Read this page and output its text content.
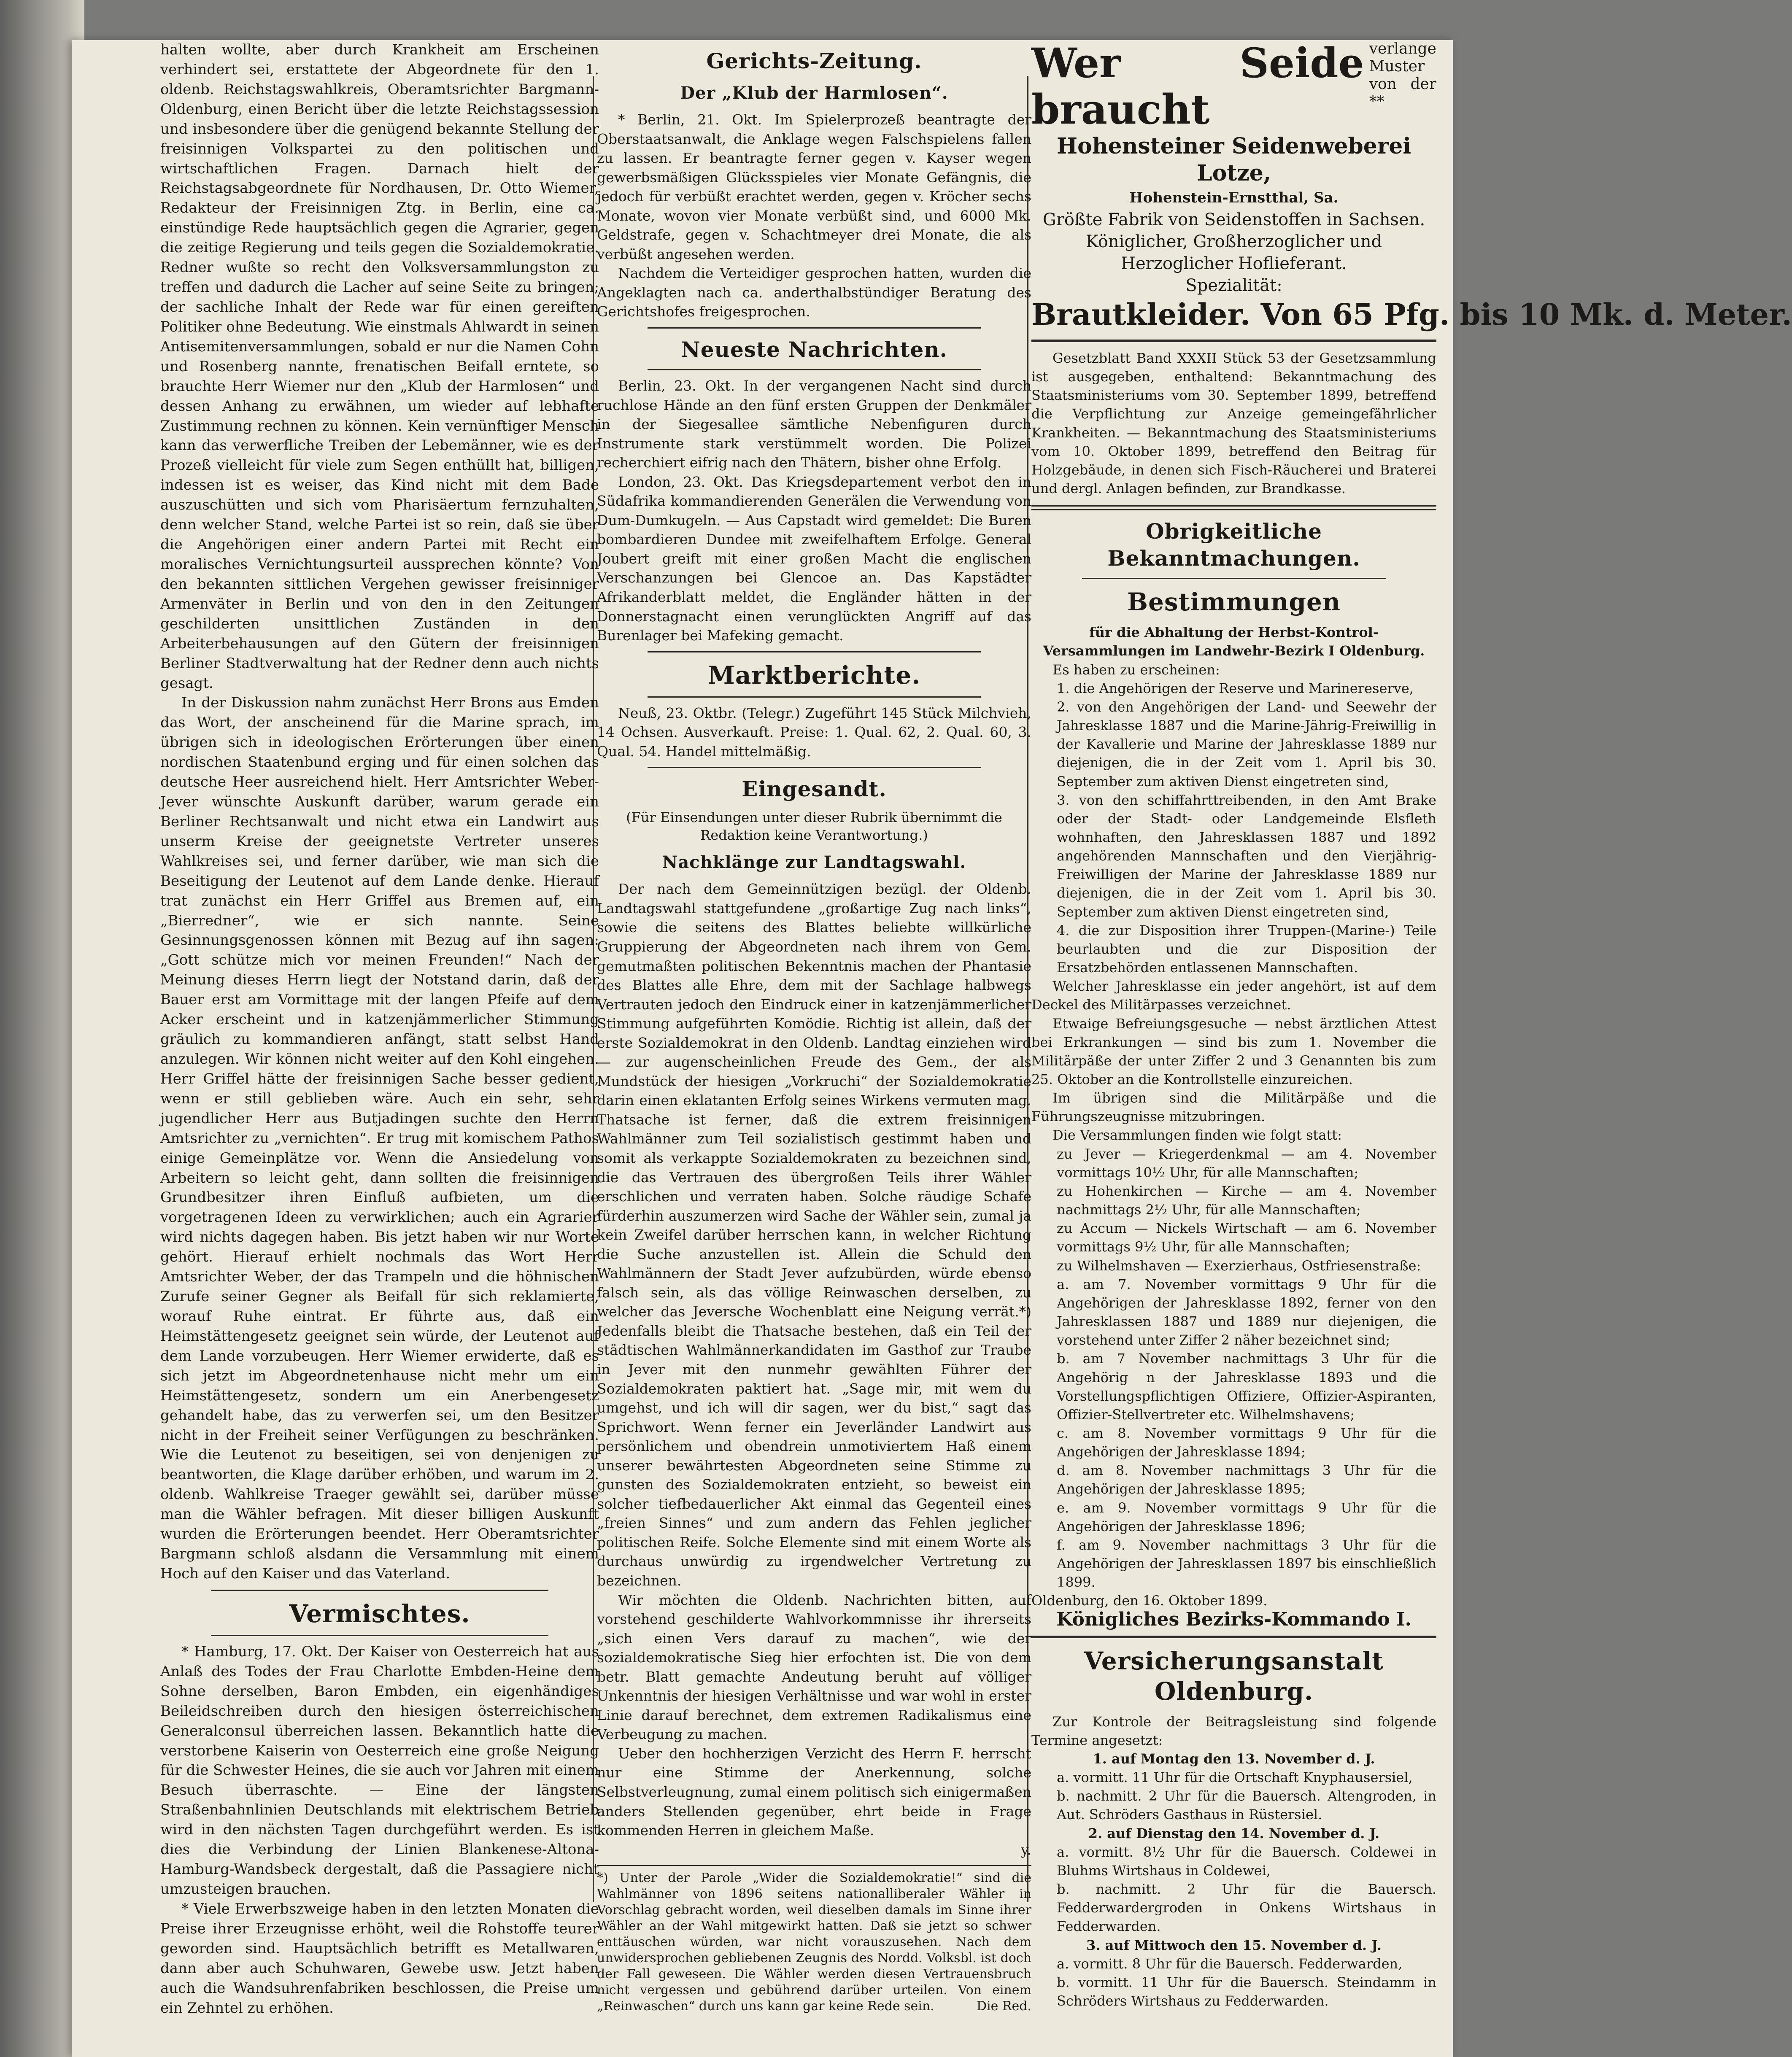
halten wollte, aber durch Krankheit am Erscheinen verhindert sei, erstattete der Abgeordnete für den 1. oldenb. Reichstagswahlkreis, Oberamtsrichter Bargmann-Oldenburg, einen Bericht über die letzte Reichstagssession und insbesondere über die genügend bekannte Stellung der freisinnigen Volkspartei zu den politischen und wirtschaftlichen Fragen. Darnach hielt der Reichstagsabgeordnete für Nordhausen, Dr. Otto Wiemer, Redakteur der Freisinnigen Ztg. in Berlin, eine ca. einstündige Rede hauptsächlich gegen die Agrarier, gegen die zeitige Regierung und teils gegen die Sozialdemokratie. Redner wußte so recht den Volksversammlungston zu treffen und dadurch die Lacher auf seine Seite zu bringen; der sachliche Inhalt der Rede war für einen gereiften Politiker ohne Bedeutung. Wie einstmals Ahlwardt in seinen Antisemitenversammlungen, sobald er nur die Namen Cohn und Rosenberg nannte, frenatischen Beifall erntete, so brauchte Herr Wiemer nur den „Klub der Harmlosen“ und dessen Anhang zu erwähnen, um wieder auf lebhafte Zustimmung rechnen zu können. Kein vernünftiger Mensch kann das verwerfliche Treiben der Lebemänner, wie es der Prozeß vielleicht für viele zum Segen enthüllt hat, billigen, indessen ist es weiser, das Kind nicht mit dem Bade auszuschütten und sich vom Pharisäertum fernzuhalten, denn welcher Stand, welche Partei ist so rein, daß sie über die Angehörigen einer andern Partei mit Recht ein moralisches Vernichtungsurteil aussprechen könnte? Von den bekannten sittlichen Vergehen gewisser freisinniger Armenväter in Berlin und von den in den Zeitungen geschilderten unsittlichen Zuständen in den Arbeiterbehausungen auf den Gütern der freisinnigen Berliner Stadtverwaltung hat der Redner denn auch nichts gesagt.

In der Diskussion nahm zunächst Herr Brons aus Emden das Wort, der anscheinend für die Marine sprach, im übrigen sich in ideologischen Erörterungen über einen nordischen Staatenbund erging und für einen solchen das deutsche Heer ausreichend hielt. Herr Amtsrichter Weber-Jever wünschte Auskunft darüber, warum gerade ein Berliner Rechtsanwalt und nicht etwa ein Landwirt aus unserm Kreise der geeignetste Vertreter unseres Wahlkreises sei, und ferner darüber, wie man sich die Beseitigung der Leutenot auf dem Lande denke. Hierauf trat zunächst ein Herr Griffel aus Bremen auf, ein „Bierredner“, wie er sich nannte. Seine Gesinnungsgenossen können mit Bezug auf ihn sagen: „Gott schütze mich vor meinen Freunden!“ Nach der Meinung dieses Herrn liegt der Notstand darin, daß der Bauer erst am Vormittage mit der langen Pfeife auf dem Acker erscheint und in katzenjämmerlicher Stimmung gräulich zu kommandieren anfängt, statt selbst Hand anzulegen. Wir können nicht weiter auf den Kohl eingehen. Herr Griffel hätte der freisinnigen Sache besser gedient, wenn er still geblieben wäre. Auch ein sehr, sehr jugendlicher Herr aus Butjadingen suchte den Herrn Amtsrichter zu „vernichten“. Er trug mit komischem Pathos einige Gemeinplätze vor. Wenn die Ansiedelung von Arbeitern so leicht geht, dann sollten die freisinnigen Grundbesitzer ihren Einfluß aufbieten, um die vorgetragenen Ideen zu verwirklichen; auch ein Agrarier wird nichts dagegen haben. Bis jetzt haben wir nur Worte gehört. Hierauf erhielt nochmals das Wort Herr Amtsrichter Weber, der das Trampeln und die höhnischen Zurufe seiner Gegner als Beifall für sich reklamierte, worauf Ruhe eintrat. Er führte aus, daß ein Heimstättengesetz geeignet sein würde, der Leutenot auf dem Lande vorzubeugen. Herr Wiemer erwiderte, daß es sich jetzt im Abgeordnetenhause nicht mehr um ein Heimstättengesetz, sondern um ein Anerbengesetz gehandelt habe, das zu verwerfen sei, um den Besitzer nicht in der Freiheit seiner Verfügungen zu beschränken. Wie die Leutenot zu beseitigen, sei von denjenigen zu beantworten, die Klage darüber erhöben, und warum im 2. oldenb. Wahlkreise Traeger gewählt sei, darüber müsse man die Wähler befragen. Mit dieser billigen Auskunft wurden die Erörterungen beendet. Herr Oberamtsrichter Bargmann schloß alsdann die Versammlung mit einem Hoch auf den Kaiser und das Vaterland.

Vermischtes.

* Hamburg, 17. Okt. Der Kaiser von Oesterreich hat aus Anlaß des Todes der Frau Charlotte Embden-Heine dem Sohne derselben, Baron Embden, ein eigenhändiges Beileidschreiben durch den hiesigen österreichischen Generalconsul überreichen lassen. Bekanntlich hatte die verstorbene Kaiserin von Oesterreich eine große Neigung für die Schwester Heines, die sie auch vor Jahren mit einem Besuch überraschte. — Eine der längsten Straßenbahnlinien Deutschlands mit elektrischem Betrieb wird in den nächsten Tagen durchgeführt werden. Es ist dies die Verbindung der Linien Blankenese-Altona-Hamburg-Wandsbeck dergestalt, daß die Passagiere nicht umzusteigen brauchen.

* Viele Erwerbszweige haben in den letzten Monaten die Preise ihrer Erzeugnisse erhöht, weil die Rohstoffe teurer geworden sind. Hauptsächlich betrifft es Metallwaren, dann aber auch Schuhwaren, Gewebe usw. Jetzt haben auch die Wandsuhrenfabriken beschlossen, die Preise um ein Zehntel zu erhöhen.

Gerichts-Zeitung.
Der „Klub der Harmlosen“.

* Berlin, 21. Okt. Im Spielerprozeß beantragte der Oberstaatsanwalt, die Anklage wegen Falschspielens fallen zu lassen. Er beantragte ferner gegen v. Kayser wegen gewerbsmäßigen Glücksspieles vier Monate Gefängnis, die jedoch für verbüßt erachtet werden, gegen v. Kröcher sechs Monate, wovon vier Monate verbüßt sind, und 6000 Mk. Geldstrafe, gegen v. Schachtmeyer drei Monate, die als verbüßt angesehen werden.

Nachdem die Verteidiger gesprochen hatten, wurden die Angeklagten nach ca. anderthalbstündiger Beratung des Gerichtshofes freigesprochen.

Neueste Nachrichten.

Berlin, 23. Okt. In der vergangenen Nacht sind durch ruchlose Hände an den fünf ersten Gruppen der Denkmäler in der Siegesallee sämtliche Nebenfiguren durch Instrumente stark verstümmelt worden. Die Polizei recherchiert eifrig nach den Thätern, bisher ohne Erfolg.

London, 23. Okt. Das Kriegsdepartement verbot den in Südafrika kommandierenden Generälen die Verwendung von Dum-Dumkugeln. — Aus Capstadt wird gemeldet: Die Buren bombardieren Dundee mit zweifelhaftem Erfolge. General Joubert greift mit einer großen Macht die englischen Verschanzungen bei Glencoe an. Das Kapstädter Afrikanderblatt meldet, die Engländer hätten in der Donnerstagnacht einen verunglückten Angriff auf das Burenlager bei Mafeking gemacht.

Marktberichte.

Neuß, 23. Oktbr. (Telegr.) Zugeführt 145 Stück Milchvieh, 14 Ochsen. Ausverkauft. Preise: 1. Qual. 62, 2. Qual. 60, 3. Qual. 54. Handel mittelmäßig.

Eingesandt.
(Für Einsendungen unter dieser Rubrik übernimmt die Redaktion keine Verantwortung.)
Nachklänge zur Landtagswahl.

Der nach dem Gemeinnützigen bezügl. der Oldenb. Landtagswahl stattgefundene „großartige Zug nach links“, sowie die seitens des Blattes beliebte willkürliche Gruppierung der Abgeordneten nach ihrem von Gem. gemutmaßten politischen Bekenntnis machen der Phantasie des Blattes alle Ehre, dem mit der Sachlage halbwegs Vertrauten jedoch den Eindruck einer in katzenjämmerlicher Stimmung aufgeführten Komödie. Richtig ist allein, daß der erste Sozialdemokrat in den Oldenb. Landtag einziehen wird — zur augenscheinlichen Freude des Gem., der als Mundstück der hiesigen „Vorkruchi“ der Sozialdemokratie darin einen eklatanten Erfolg seines Wirkens vermuten mag. Thatsache ist ferner, daß die extrem freisinnigen Wahlmänner zum Teil sozialistisch gestimmt haben und somit als verkappte Sozialdemokraten zu bezeichnen sind, die das Vertrauen des übergroßen Teils ihrer Wähler erschlichen und verraten haben. Solche räudige Schafe fürderhin auszumerzen wird Sache der Wähler sein, zumal ja kein Zweifel darüber herrschen kann, in welcher Richtung die Suche anzustellen ist. Allein die Schuld den Wahlmännern der Stadt Jever aufzubürden, würde ebenso falsch sein, als das völlige Reinwaschen derselben, zu welcher das Jeversche Wochenblatt eine Neigung verrät.*) Jedenfalls bleibt die Thatsache bestehen, daß ein Teil der städtischen Wahlmännerkandidaten im Gasthof zur Traube in Jever mit den nunmehr gewählten Führer der Sozialdemokraten paktiert hat. „Sage mir, mit wem du umgehst, und ich will dir sagen, wer du bist,“ sagt das Sprichwort. Wenn ferner ein Jeverländer Landwirt aus persönlichem und obendrein unmotiviertem Haß einem unserer bewährtesten Abgeordneten seine Stimme zu gunsten des Sozialdemokraten entzieht, so beweist ein solcher tiefbedauerlicher Akt einmal das Gegenteil eines „freien Sinnes“ und zum andern das Fehlen jeglicher politischen Reife. Solche Elemente sind mit einem Worte als durchaus unwürdig zu irgendwelcher Vertretung zu bezeichnen.

Wir möchten die Oldenb. Nachrichten bitten, auf vorstehend geschilderte Wahlvorkommnisse ihr ihrerseits „sich einen Vers darauf zu machen“, wie der sozialdemokratische Sieg hier erfochten ist. Die von dem betr. Blatt gemachte Andeutung beruht auf völliger Unkenntnis der hiesigen Verhältnisse und war wohl in erster Linie darauf berechnet, dem extremen Radikalismus eine Verbeugung zu machen.

Ueber den hochherzigen Verzicht des Herrn F. herrscht nur eine Stimme der Anerkennung, solche Selbstverleugnung, zumal einem politisch sich einigermaßen anders Stellenden gegenüber, ehrt beide in Frage kommenden Herren in gleichem Maße.

y.
*) Unter der Parole „Wider die Sozialdemokratie!“ sind die Wahlmänner von 1896 seitens nationalliberaler Wähler in Vorschlag gebracht worden, weil dieselben damals im Sinne ihrer Wähler an der Wahl mitgewirkt hatten. Daß sie jetzt so schwer enttäuschen würden, war nicht vorauszusehen. Nach dem unwidersprochen gebliebenen Zeugnis des Nordd. Volksbl. ist doch der Fall geweseen. Die Wähler werden diesen Vertrauensbruch nicht vergessen und gebührend darüber urteilen. Von einem „Reinwaschen“ durch uns kann gar keine Rede sein.	Die Red.
Wer Seide braucht
verlange Muster von der **
Hohensteiner Seidenweberei Lotze,
Hohenstein-Ernstthal, Sa.
Größte Fabrik von Seidenstoffen in Sachsen.
Königlicher, Großherzoglicher und Herzoglicher Hoflieferant.
Spezialität:
Brautkleider. Von 65 Pfg. bis 10 Mk. d. Meter.

Gesetzblatt Band XXXII Stück 53 der Gesetzsammlung ist ausgegeben, enthaltend: Bekanntmachung des Staatsministeriums vom 30. September 1899, betreffend die Verpflichtung zur Anzeige gemeingefährlicher Krankheiten. — Bekanntmachung des Staatsministeriums vom 10. Oktober 1899, betreffend den Beitrag für Holzgebäude, in denen sich Fisch-Räucherei und Braterei und dergl. Anlagen befinden, zur Brandkasse.

Obrigkeitliche Bekanntmachungen.
Bestimmungen
für die Abhaltung der Herbst-Kontrol-Versammlungen im Landwehr-Bezirk I Oldenburg.

Es haben zu erscheinen:

1. die Angehörigen der Reserve und Marinereserve,

2. von den Angehörigen der Land- und Seewehr der Jahresklasse 1887 und die Marine-Jährig-Freiwillig in der Kavallerie und Marine der Jahresklasse 1889 nur diejenigen, die in der Zeit vom 1. April bis 30. September zum aktiven Dienst eingetreten sind,

3. von den schiffahrttreibenden, in den Amt Brake oder der Stadt- oder Landgemeinde Elsfleth wohnhaften, den Jahresklassen 1887 und 1892 angehörenden Mannschaften und den Vierjährig-Freiwilligen der Marine der Jahresklasse 1889 nur diejenigen, die in der Zeit vom 1. April bis 30. September zum aktiven Dienst eingetreten sind,

4. die zur Disposition ihrer Truppen-(Marine-) Teile beurlaubten und die zur Disposition der Ersatzbehörden entlassenen Mannschaften.

Welcher Jahresklasse ein jeder angehört, ist auf dem Deckel des Militärpasses verzeichnet.

Etwaige Befreiungsgesuche — nebst ärztlichen Attest bei Erkrankungen — sind bis zum 1. November die Militärpäße der unter Ziffer 2 und 3 Genannten bis zum 25. Oktober an die Kontrollstelle einzureichen.

Im übrigen sind die Militärpäße und die Führungszeugnisse mitzubringen.

Die Versammlungen finden wie folgt statt:

zu Jever — Kriegerdenkmal — am 4. November vormittags 10½ Uhr, für alle Mannschaften;

zu Hohenkirchen — Kirche — am 4. November nachmittags 2½ Uhr, für alle Mannschaften;

zu Accum — Nickels Wirtschaft — am 6. November vormittags 9½ Uhr, für alle Mannschaften;

zu Wilhelmshaven — Exerzierhaus, Ostfriesenstraße:

a. am 7. November vormittags 9 Uhr für die Angehörigen der Jahresklasse 1892, ferner von den Jahresklassen 1887 und 1889 nur diejenigen, die vorstehend unter Ziffer 2 näher bezeichnet sind;

b. am 7 November nachmittags 3 Uhr für die Angehörig n der Jahresklasse 1893 und die Vorstellungspflichtigen Offiziere, Offizier-Aspiranten, Offizier-Stellvertreter etc. Wilhelmshavens;

c. am 8. November vormittags 9 Uhr für die Angehörigen der Jahresklasse 1894;

d. am 8. November nachmittags 3 Uhr für die Angehörigen der Jahresklasse 1895;

e. am 9. November vormittags 9 Uhr für die Angehörigen der Jahresklasse 1896;

f. am 9. November nachmittags 3 Uhr für die Angehörigen der Jahresklassen 1897 bis einschließlich 1899.

Oldenburg, den 16. Oktober 1899.

Königliches Bezirks-Kommando I.
Versicherungsanstalt Oldenburg.

Zur Kontrole der Beitragsleistung sind folgende Termine angesetzt:

1. auf Montag den 13. November d. J.

a. vormitt. 11 Uhr für die Ortschaft Knyphausersiel,

b. nachmitt. 2 Uhr für die Bauersch. Altengroden, in Aut. Schröders Gasthaus in Rüstersiel.

2. auf Dienstag den 14. November d. J.

a. vormitt. 8½ Uhr für die Bauersch. Coldewei in Bluhms Wirtshaus in Coldewei,

b. nachmitt. 2 Uhr für die Bauersch. Fedderwardergroden in Onkens Wirtshaus in Fedderwarden.

3. auf Mittwoch den 15. November d. J.

a. vormitt. 8 Uhr für die Bauersch. Fedderwarden,

b. vormitt. 11 Uhr für die Bauersch. Steindamm in Schröders Wirtshaus zu Fedderwarden.
